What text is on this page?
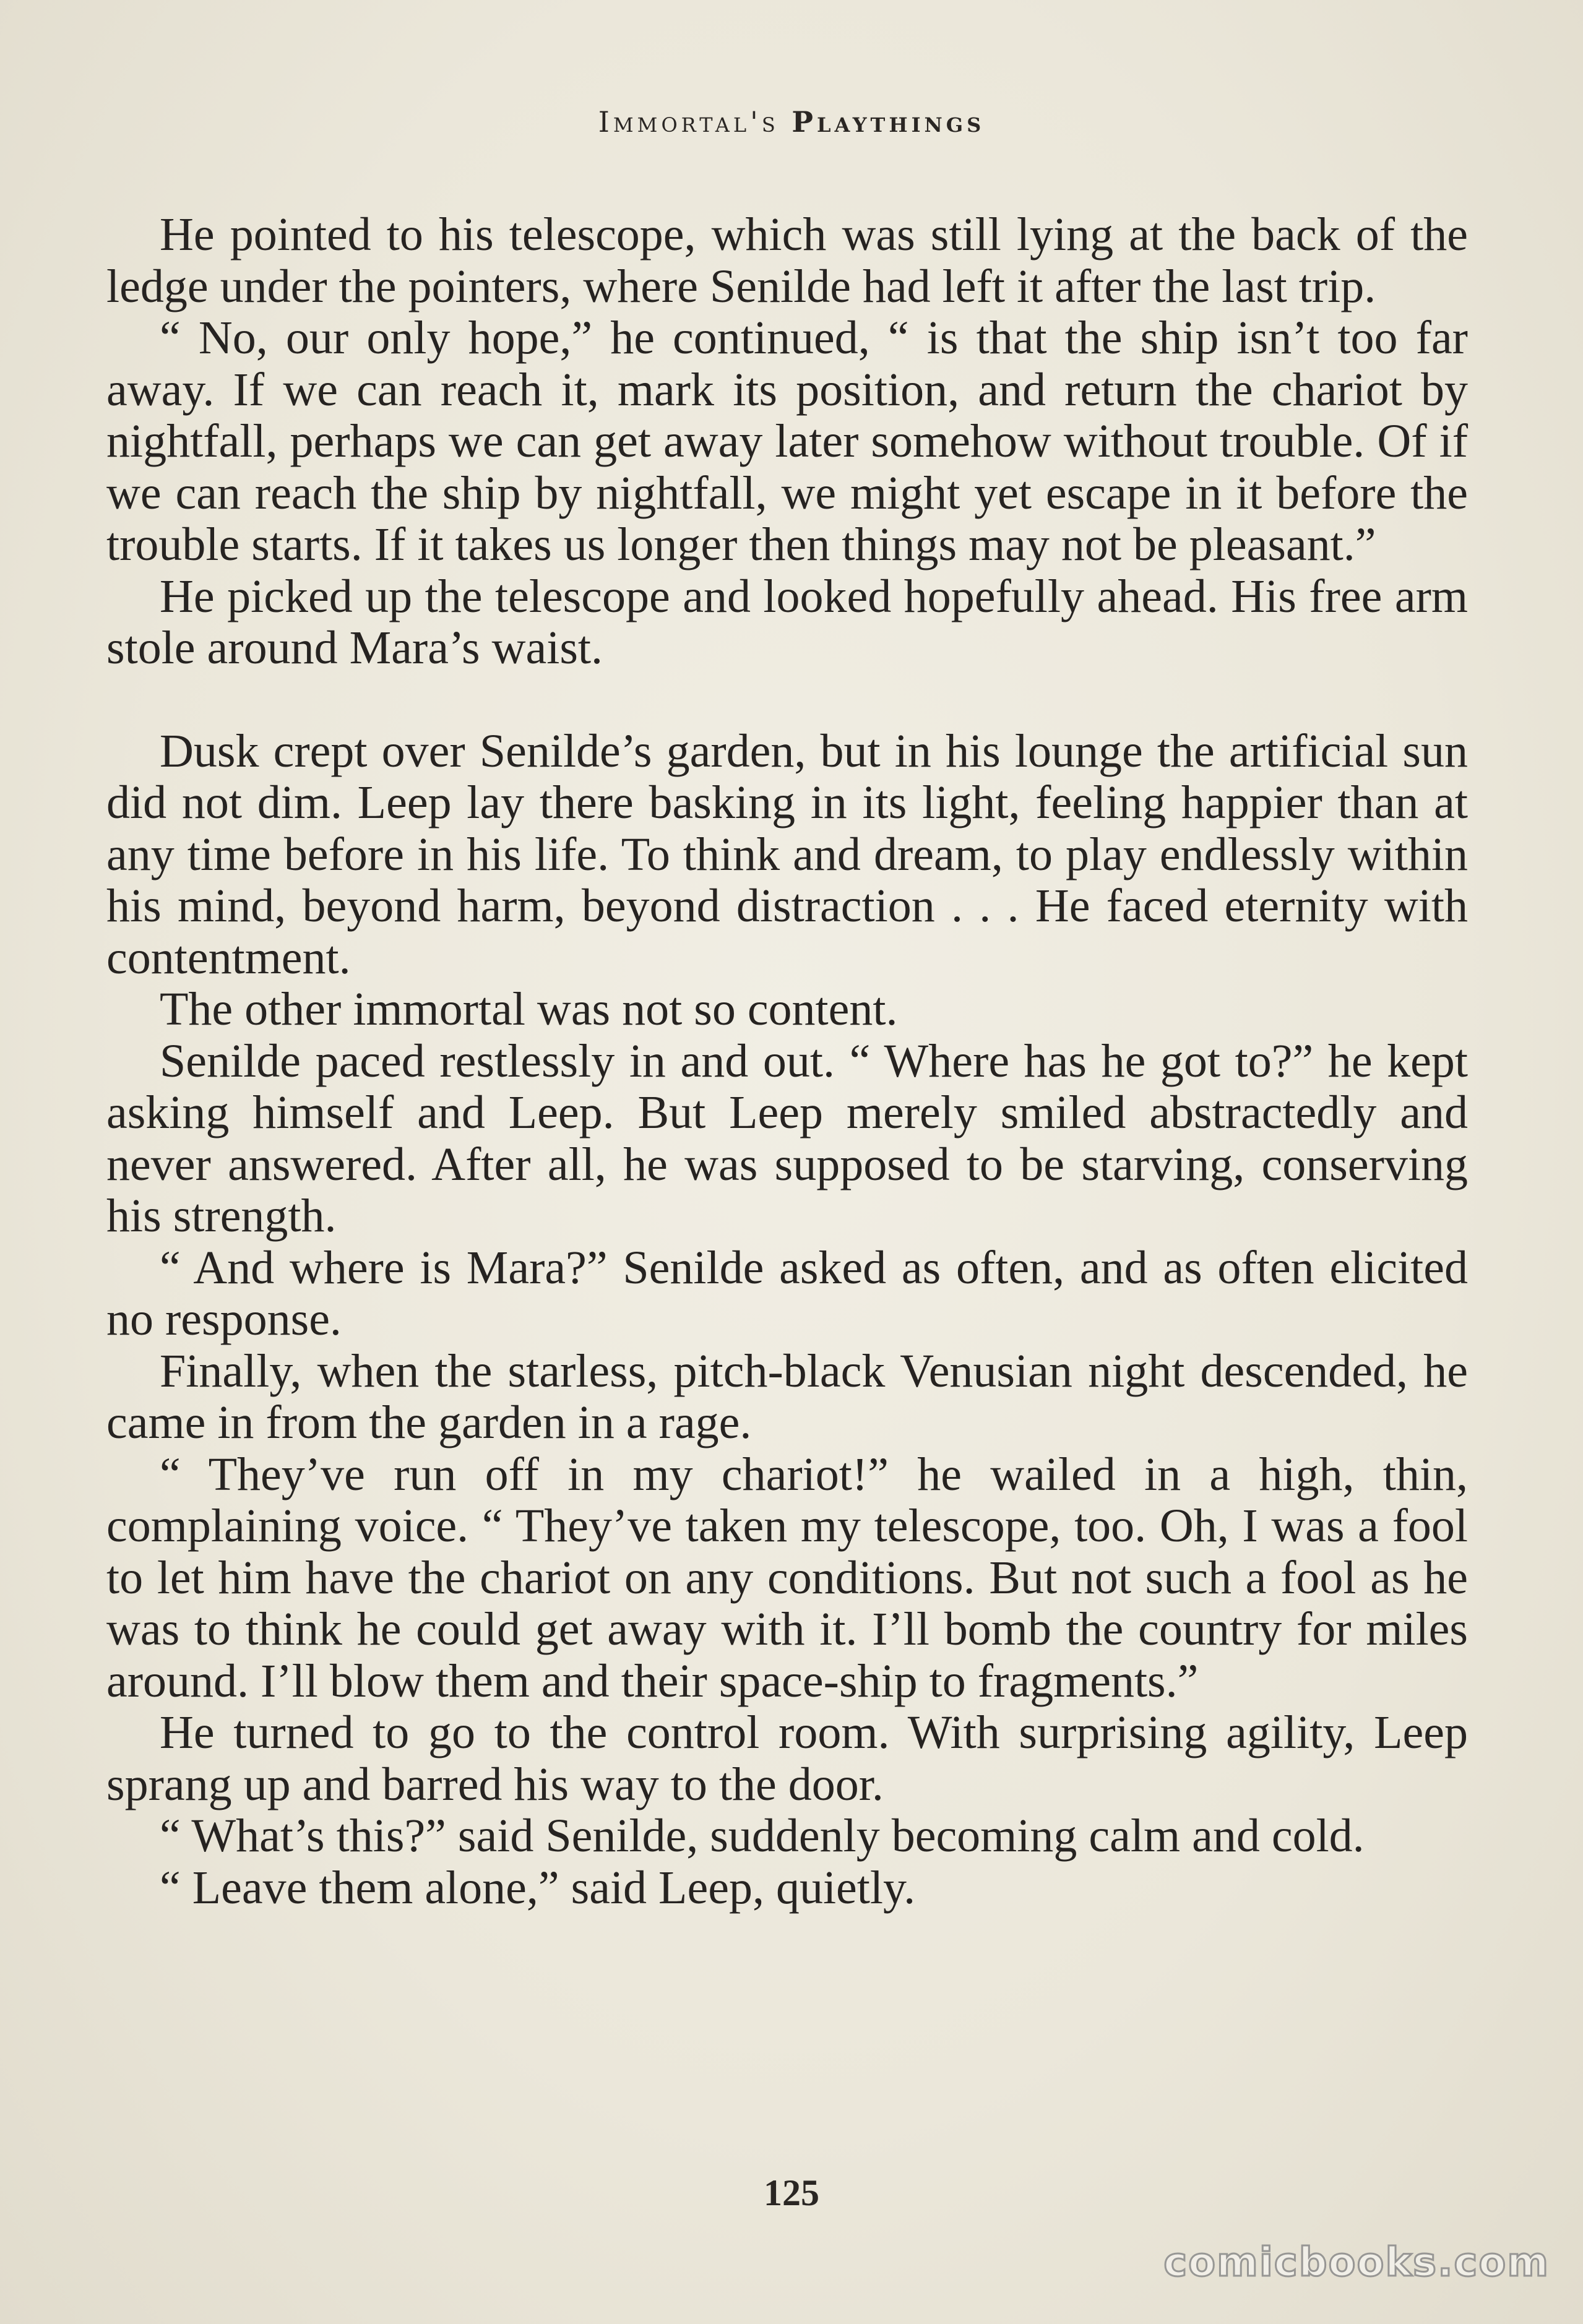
Immortal's Playthings

He pointed to his telescope, which was still lying at the back of the ledge under the pointers, where Senilde had left it after the last trip.

“ No, our only hope,” he continued, “ is that the ship isn’t too far away. If we can reach it, mark its position, and return the chariot by nightfall, perhaps we can get away later somehow without trouble. Of if we can reach the ship by nightfall, we might yet escape in it before the trouble starts. If it takes us longer then things may not be pleasant.”

He picked up the telescope and looked hopefully ahead. His free arm stole around Mara’s waist.

Dusk crept over Senilde’s garden, but in his lounge the artificial sun did not dim. Leep lay there basking in its light, feeling happier than at any time before in his life. To think and dream, to play endlessly within his mind, beyond harm, beyond distraction . . . He faced eternity with contentment.

The other immortal was not so content.

Senilde paced restlessly in and out. “ Where has he got to?” he kept asking himself and Leep. But Leep merely smiled abstractedly and never answered. After all, he was supposed to be starving, conserving his strength.

“ And where is Mara?” Senilde asked as often, and as often elicited no response.

Finally, when the starless, pitch-black Venusian night descended, he came in from the garden in a rage.

“ They’ve run off in my chariot!” he wailed in a high, thin, complaining voice. “ They’ve taken my telescope, too. Oh, I was a fool to let him have the chariot on any conditions. But not such a fool as he was to think he could get away with it. I’ll bomb the country for miles around. I’ll blow them and their space-ship to fragments.”

He turned to go to the control room. With surprising agility, Leep sprang up and barred his way to the door.

“ What’s this?” said Senilde, suddenly becoming calm and cold.

“ Leave them alone,” said Leep, quietly.

125
comicbooks.com
